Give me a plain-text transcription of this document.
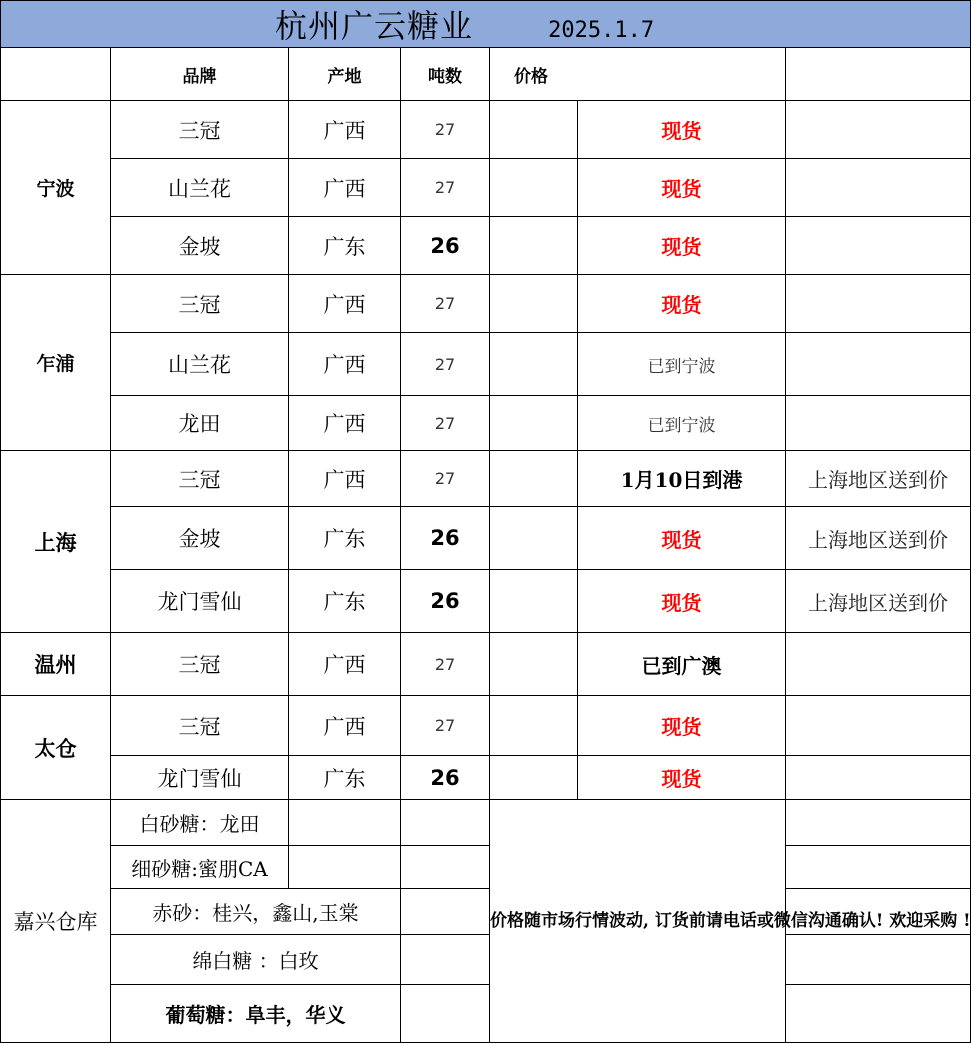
杭州广云糖业 2025.1.7						
	品牌	产地	吨数	价格		
宁波	三冠	广西	27		现货	
	山兰花	广西	27		现货	
	金坡	广东	26		现货	
乍浦	三冠	广西	27		现货	
	山兰花	广西	27		已到宁波	
	龙田	广西	27		已到宁波	
上海	三冠	广西	27		1月10日到港	上海地区送到价
	金坡	广东	26		现货	上海地区送到价
	龙门雪仙	广东	26		现货	上海地区送到价
温州	三冠	广西	27		已到广澳	
太仓	三冠	广西	27		现货	
	龙门雪仙	广东	26		现货	
嘉兴仓库	白砂糖：龙田			价格随市场行情波动, 订货前请电话或微信沟通确认! 欢迎采购 !		
	细砂糖:蜜朋CA					
	赤砂：桂兴，鑫山,玉棠					
	绵白糖 ：白玫					
	葡萄糖：阜丰，华义					
